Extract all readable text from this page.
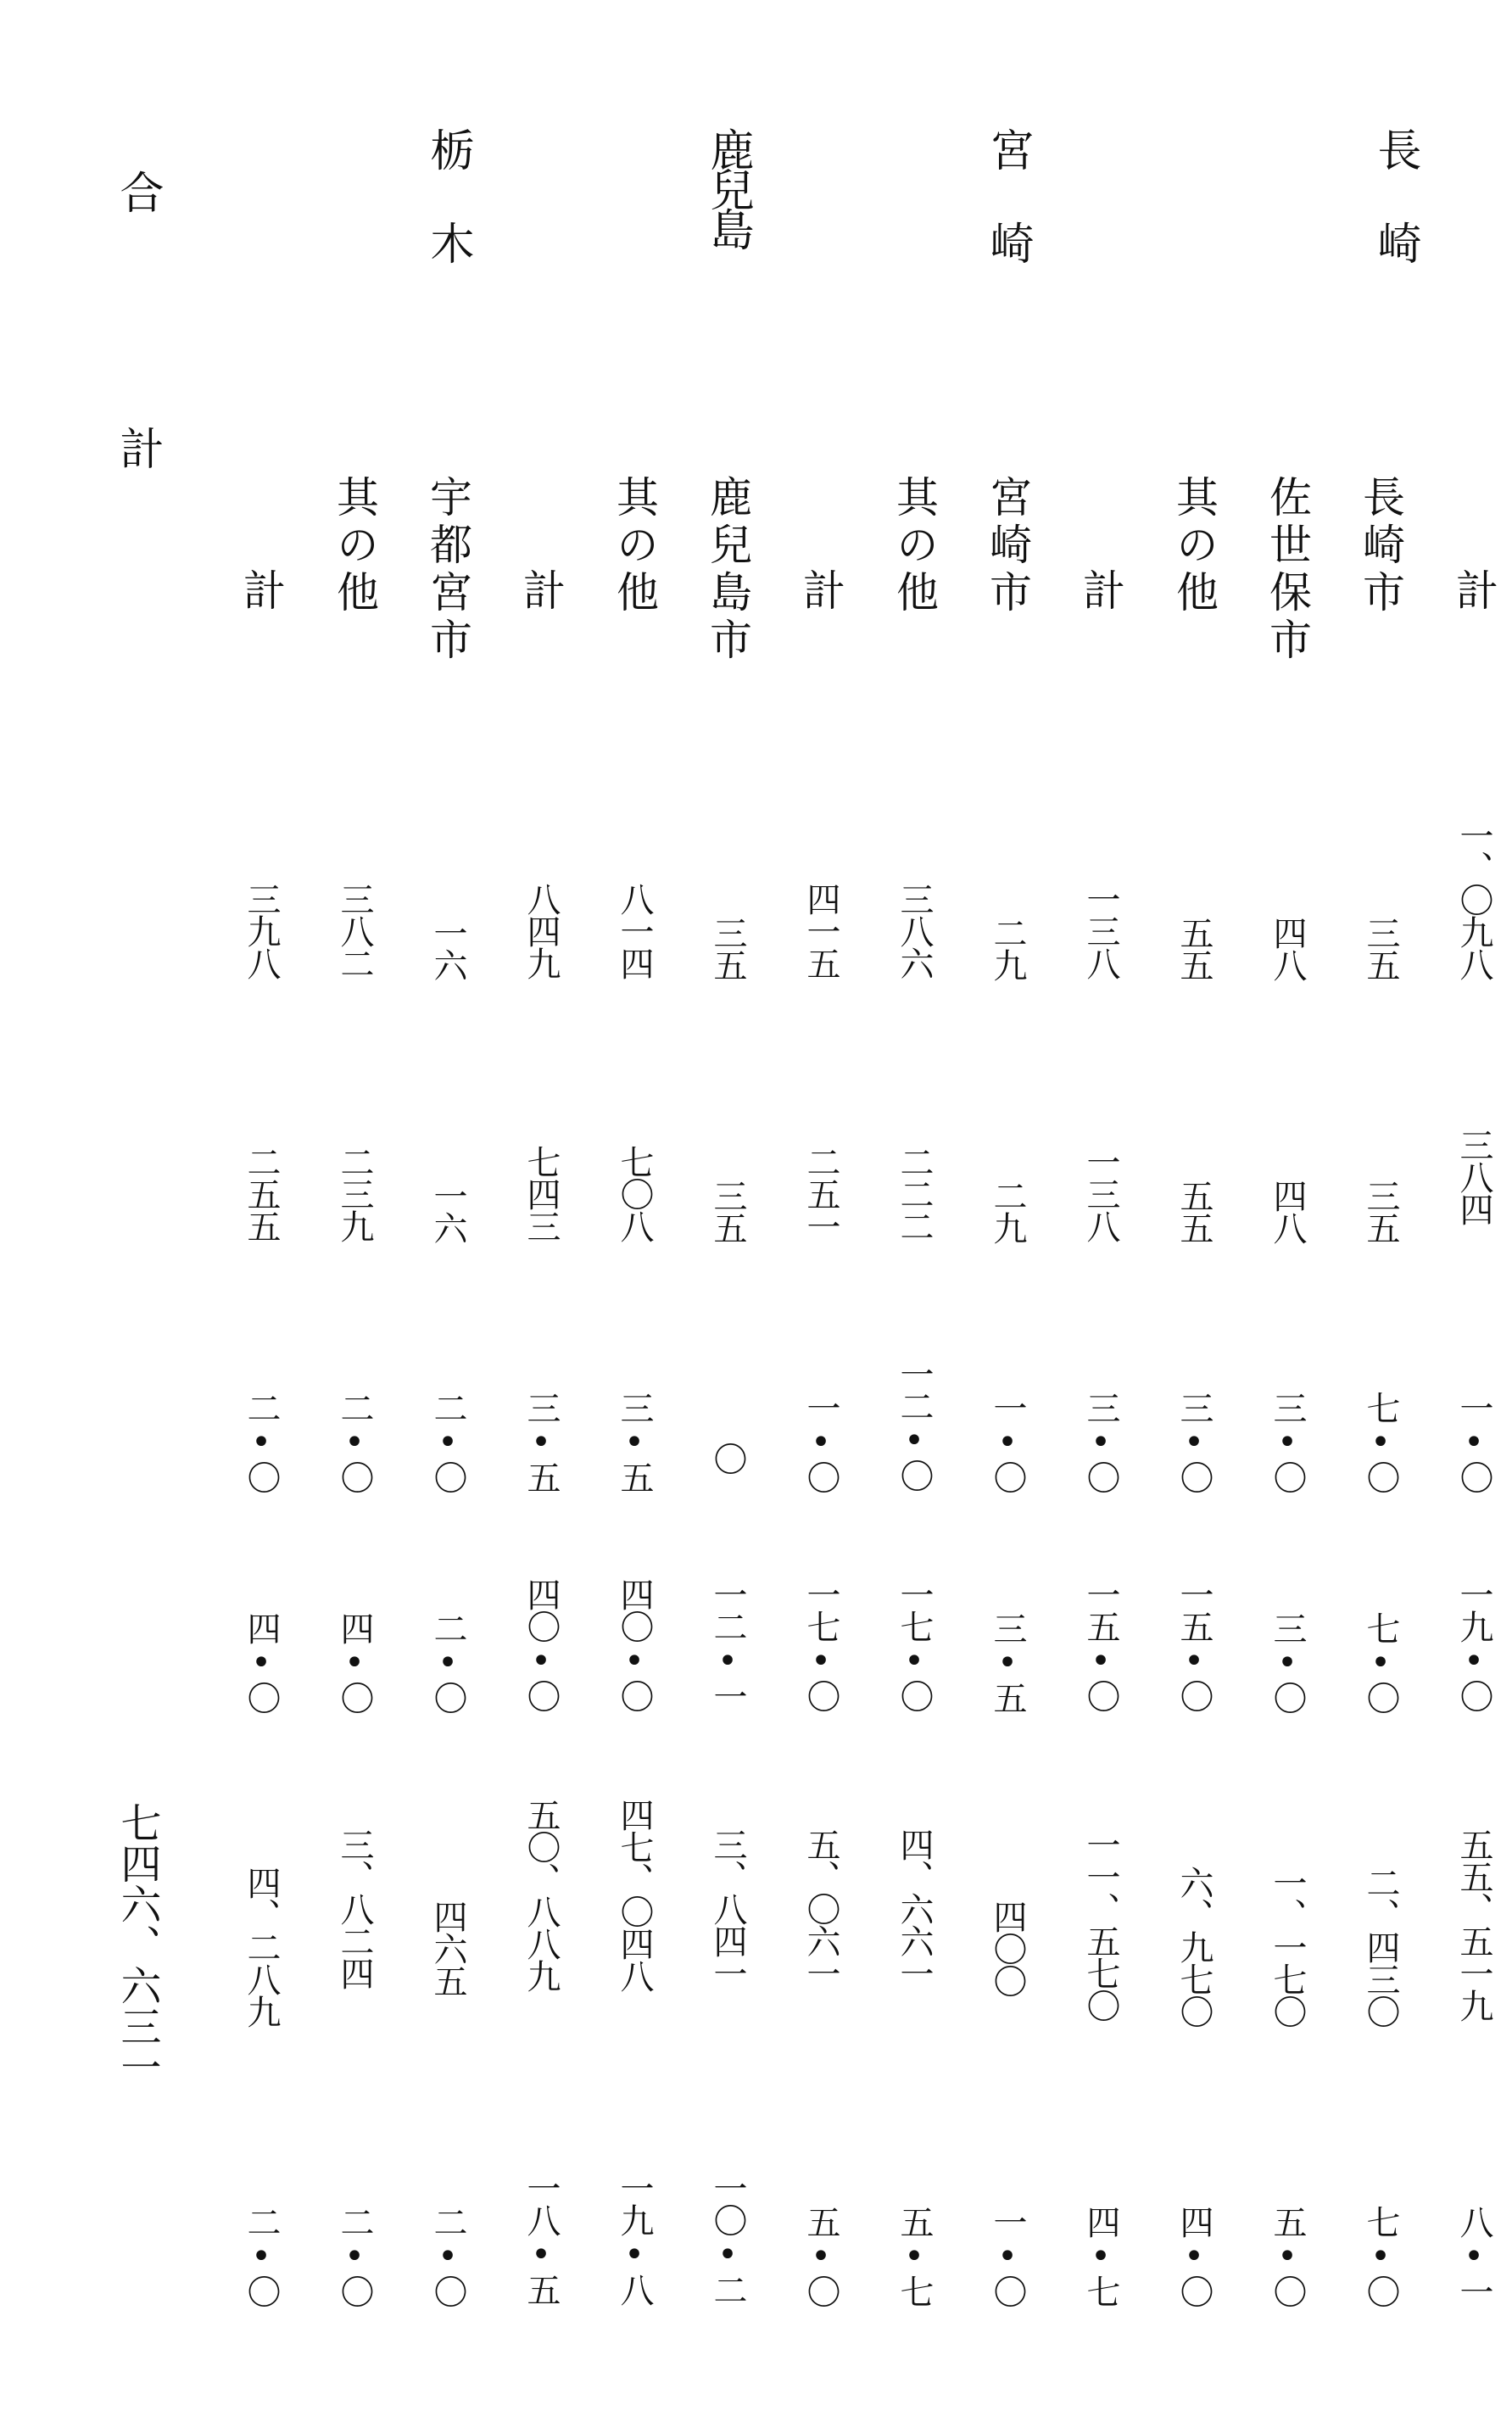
長崎
計
一、〇九八
三八四
一•〇
一九•〇
五五、五一九
八•一
長崎市
三五
三五
七•〇
七•〇
二、四三〇
七•〇
佐世保市
四八
四八
三•〇
三•〇
一、一七〇
五•〇
其の他
五五
五五
三•〇
一五•〇
六、九七〇
四•〇
計
一三八
一三八
三•〇
一五•〇
一一、五七〇
四•七
宮崎
宮崎市
二九
二九
一•〇
三•五
四〇〇
一•〇
其の他
三八六
二二二
一二•〇
一七•〇
四、六六一
五•七
計
四一五
二五一
一•〇
一七•〇
五、〇六一
五•〇
鹿兒島
鹿兒島市
三五
三五
〇
一二•一
三、八四一
一〇•二
其の他
八一四
七〇八
三•五
四〇•〇
四七、〇四八
一九•八
計
八四九
七四三
三•五
四〇•〇
五〇、八八九
一八•五
栃木
宇都宮市
一六
一六
二•〇
二•〇
四六五
二•〇
其の他
三八二
二三九
二•〇
四•〇
三、八二四
二•〇
計
三九八
二五五
二•〇
四•〇
四、二八九
二•〇
合計
七四六、六三一
